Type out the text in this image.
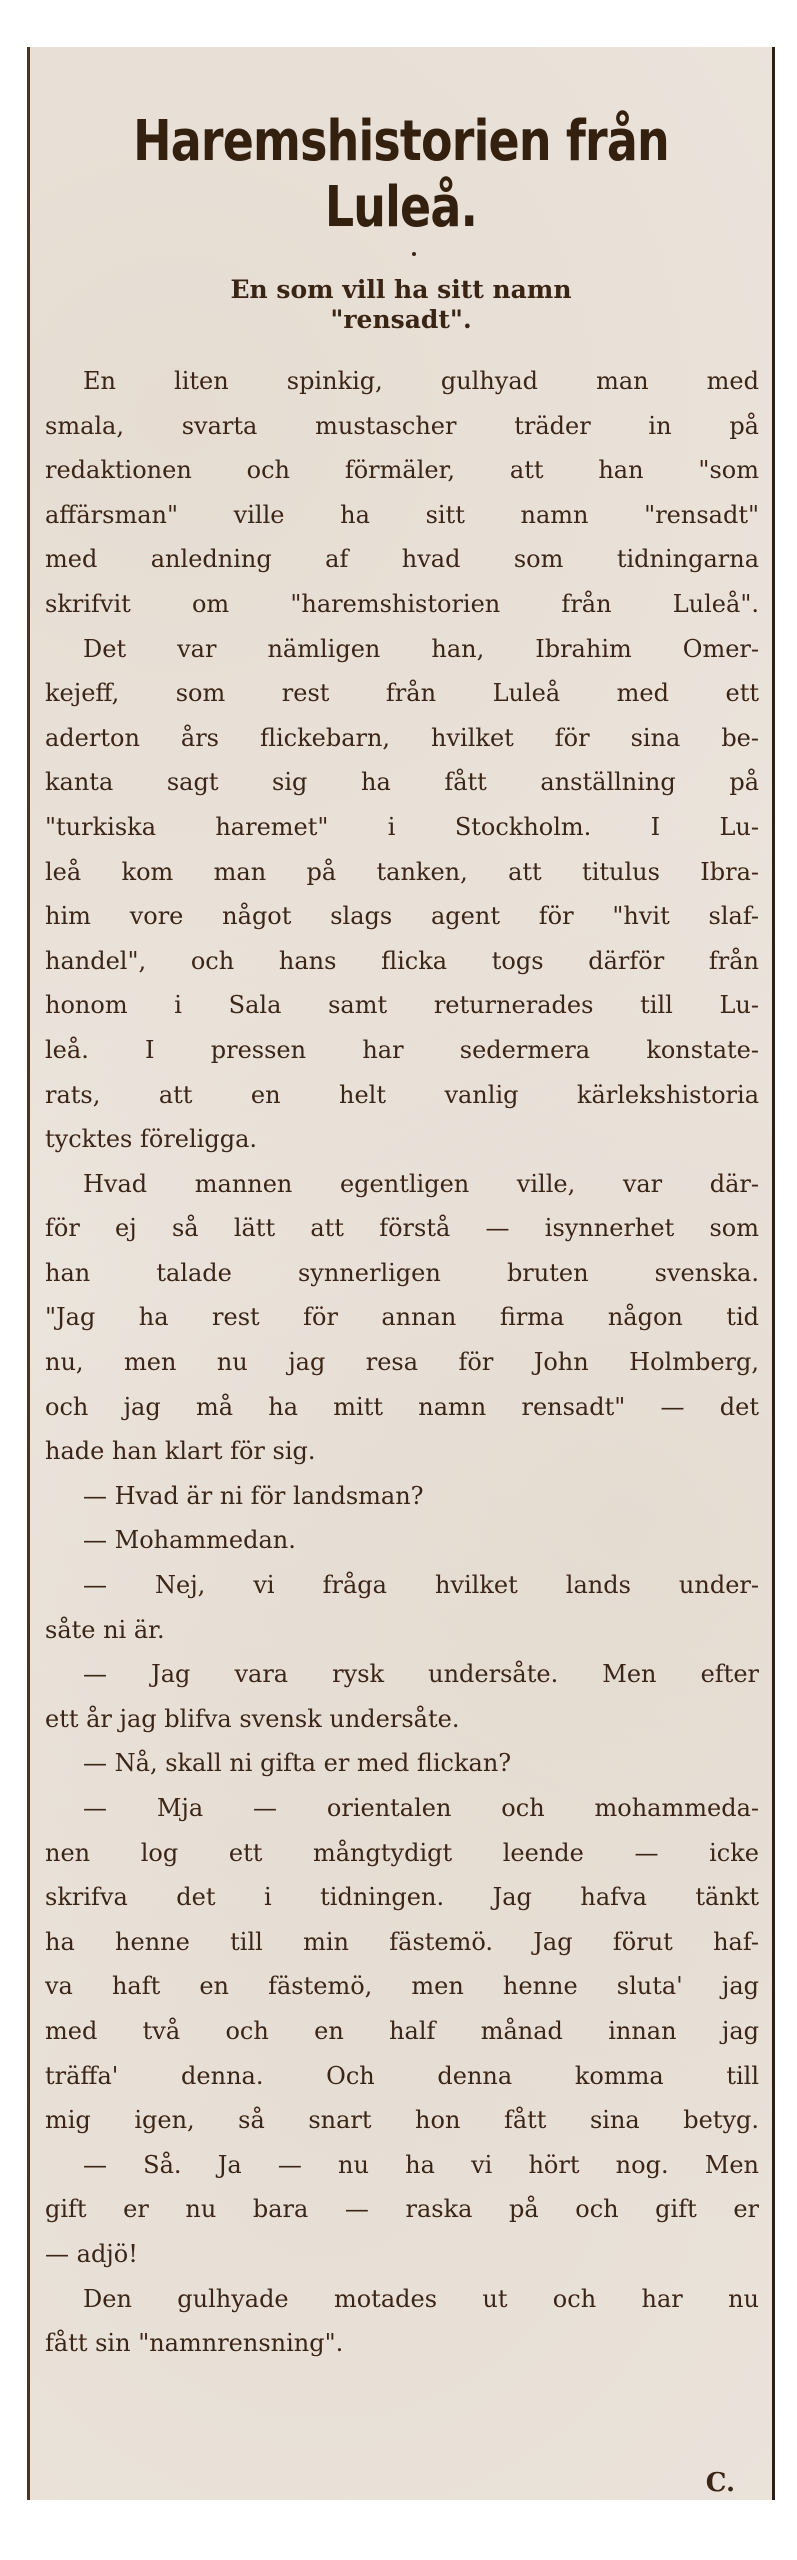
Haremshistorien från
Luleå.
En som vill ha sitt namn
"rensadt".
En liten spinkig, gulhyad man med
smala, svarta mustascher träder in på
redaktionen och förmäler, att han "som
affärsman" ville ha sitt namn "rensadt"
med anledning af hvad som tidningarna
skrifvit om "haremshistorien från Luleå".
Det var nämligen han, Ibrahim Omer-
kejeff, som rest från Luleå med ett
aderton års flickebarn, hvilket för sina be-
kanta sagt sig ha fått anställning på
"turkiska haremet" i Stockholm. I Lu-
leå kom man på tanken, att titulus Ibra-
him vore något slags agent för "hvit slaf-
handel", och hans flicka togs därför från
honom i Sala samt returnerades till Lu-
leå. I pressen har sedermera konstate-
rats, att en helt vanlig kärlekshistoria
tycktes föreligga.
Hvad mannen egentligen ville, var där-
för ej så lätt att förstå — isynnerhet som
han talade synnerligen bruten svenska.
"Jag ha rest för annan firma någon tid
nu, men nu jag resa för John Holmberg,
och jag må ha mitt namn rensadt" — det
hade han klart för sig.
— Hvad är ni för landsman?
— Mohammedan.
— Nej, vi fråga hvilket lands under-
såte ni är.
— Jag vara rysk undersåte. Men efter
ett år jag blifva svensk undersåte.
— Nå, skall ni gifta er med flickan?
— Mja — orientalen och mohammeda-
nen log ett mångtydigt leende — icke
skrifva det i tidningen. Jag hafva tänkt
ha henne till min fästemö. Jag förut haf-
va haft en fästemö, men henne sluta' jag
med två och en half månad innan jag
träffa' denna. Och denna komma till
mig igen, så snart hon fått sina betyg.
— Så. Ja — nu ha vi hört nog. Men
gift er nu bara — raska på och gift er
— adjö!
Den gulhyade motades ut och har nu
fått sin "namnrensning".
C.
